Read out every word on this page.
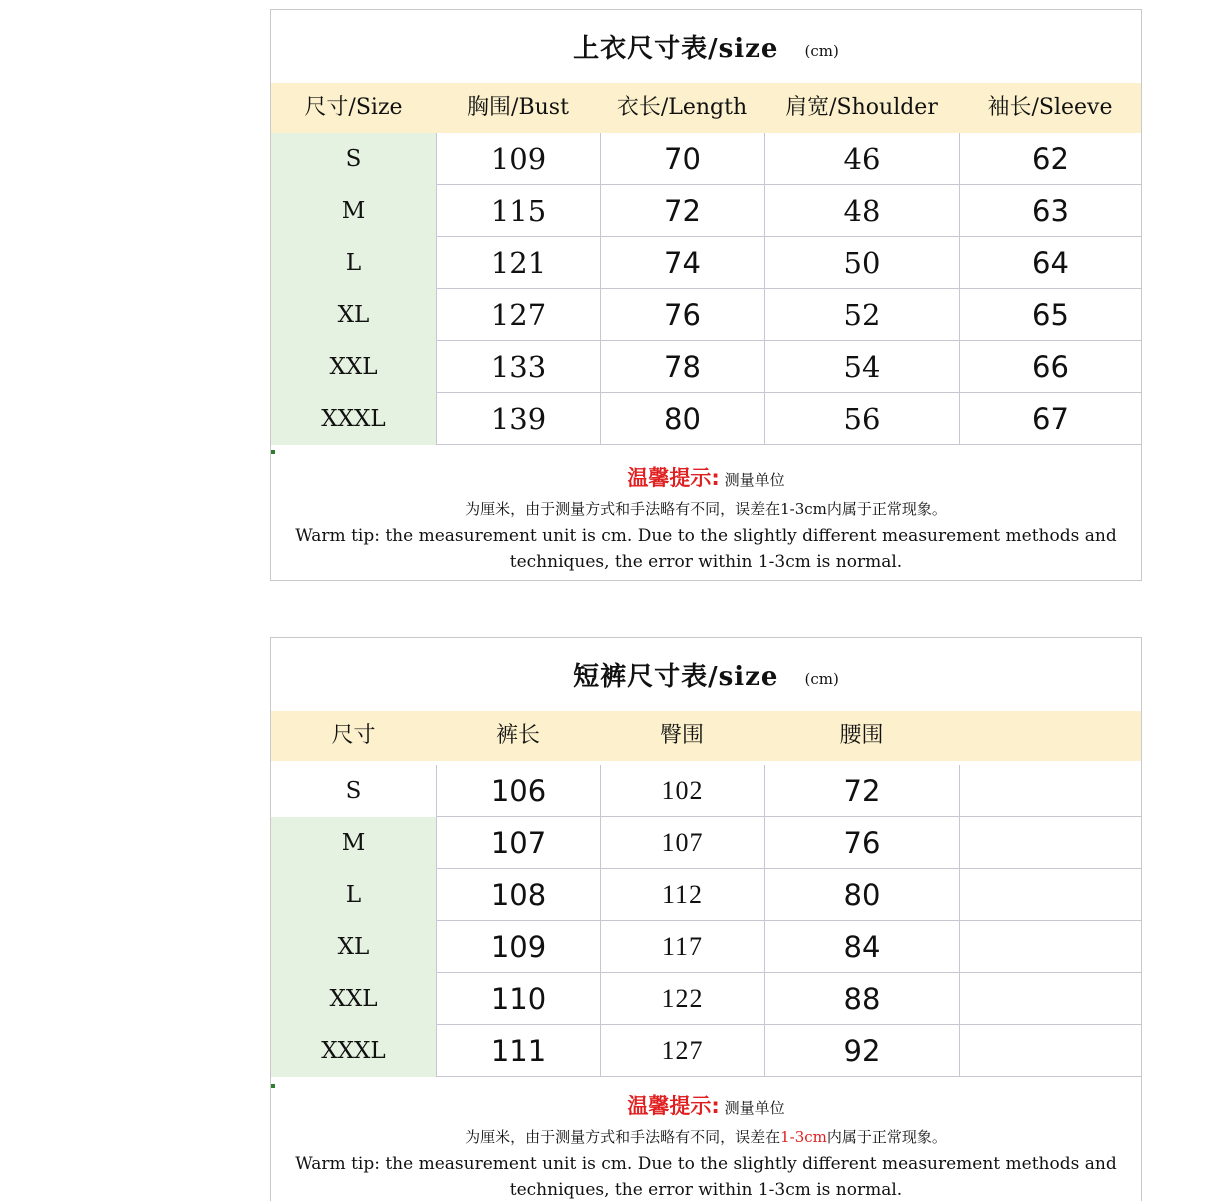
上衣尺寸表/size (cm)
尺寸/Size	胸围/Bust	衣长/Length	肩宽/Shoulder	袖长/Sleeve
S	109	70	46	62
M	115	72	48	63
L	121	74	50	64
XL	127	76	52	65
XXL	133	78	54	66
XXXL	139	80	56	67
温馨提示: 测量单位
为厘米，由于测量方式和手法略有不同，误差在1-3cm内属于正常现象。
Warm tip: the measurement unit is cm. Due to the slightly different measurement methods and
techniques, the error within 1-3cm is normal.
短裤尺寸表/size (cm)
尺寸	裤长	臀围	腰围
S	106	102	72
M	107	107	76
L	108	112	80
XL	109	117	84
XXL	110	122	88
XXXL	111	127	92
温馨提示: 测量单位
为厘米，由于测量方式和手法略有不同，误差在1-3cm内属于正常现象。
Warm tip: the measurement unit is cm. Due to the slightly different measurement methods and
techniques, the error within 1-3cm is normal.
